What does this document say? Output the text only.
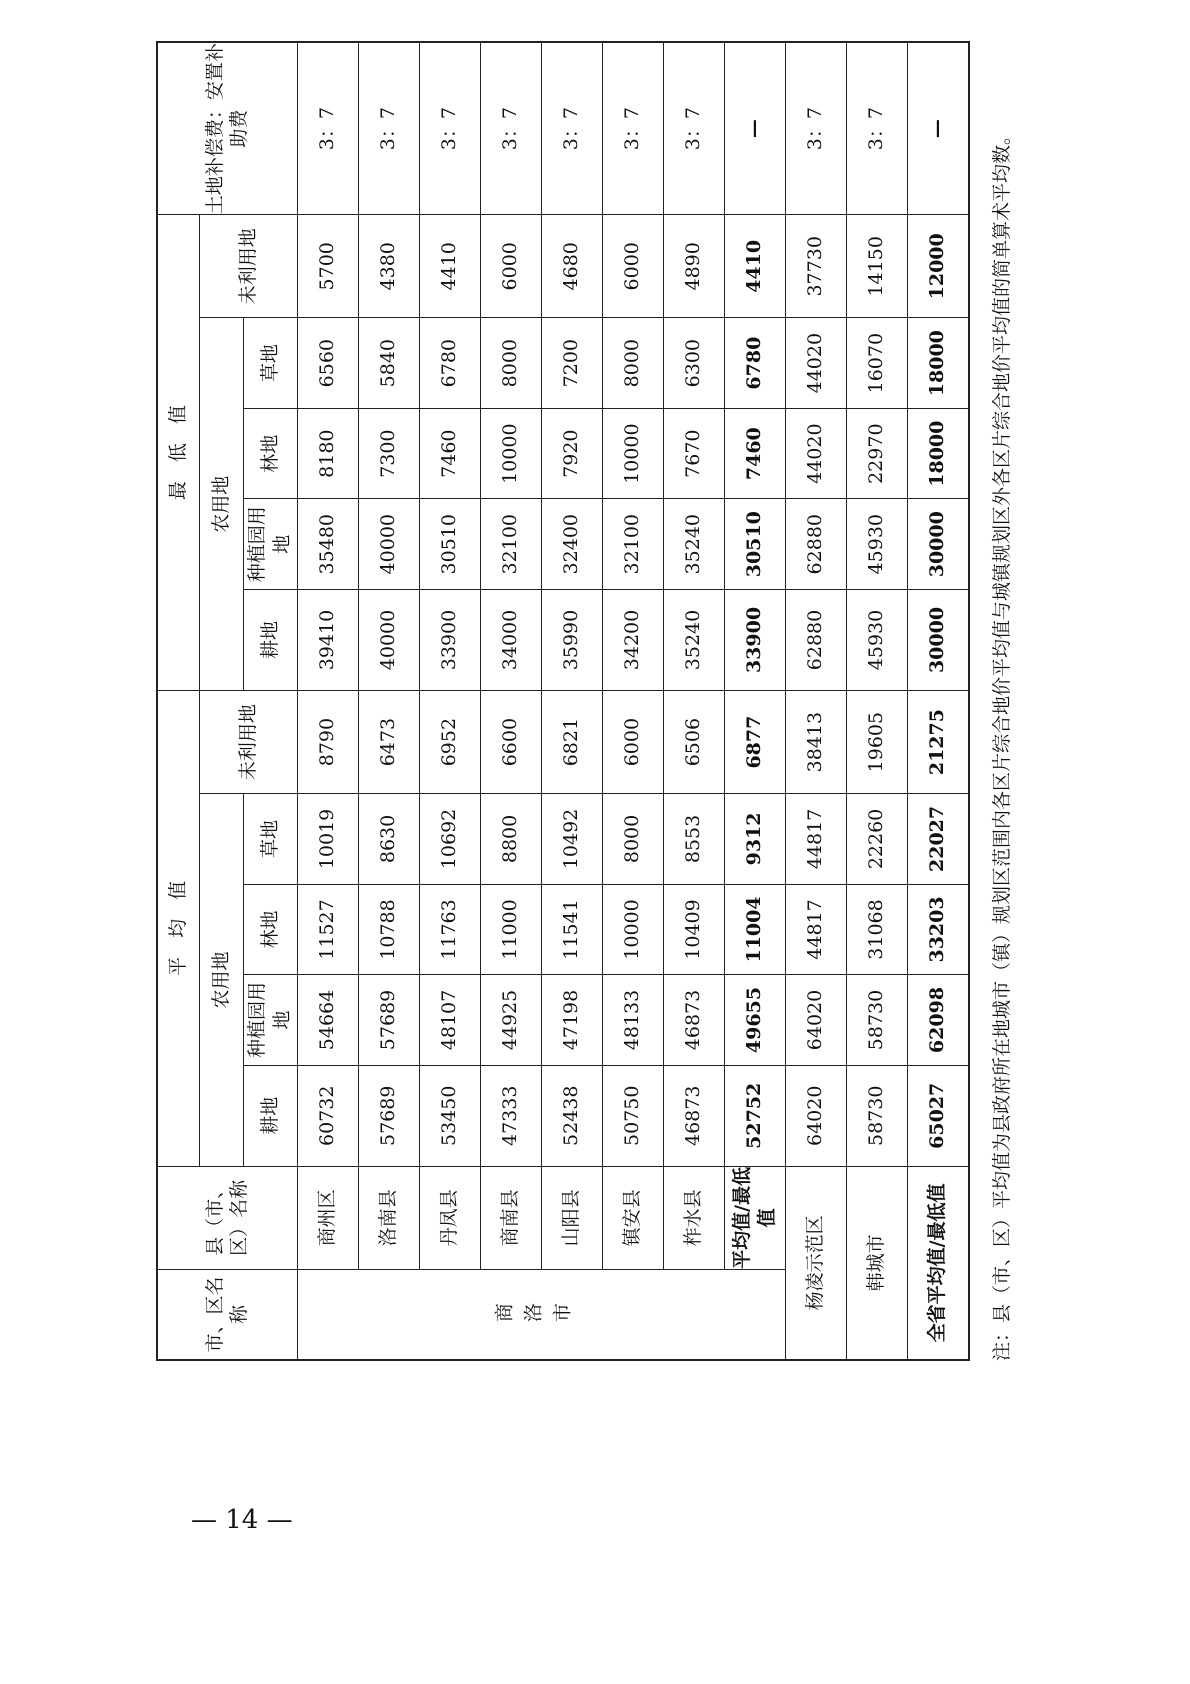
市、区名称	县（市、区）名称	平　均　值					最　低　值					土地补偿费：安置补助费
		农用地				未利用地	农用地				未利用地	
		耕地	种植园用地	林地	草地		耕地	种植园用地	林地	草地		
商洛市	商州区	60732	54664	11527	10019	8790	39410	35480	8180	6560	5700	3：7
	洛南县	57689	57689	10788	8630	6473	40000	40000	7300	5840	4380	3：7
	丹凤县	53450	48107	11763	10692	6952	33900	30510	7460	6780	4410	3：7
	商南县	47333	44925	11000	8800	6600	34000	32100	10000	8000	6000	3：7
	山阳县	52438	47198	11541	10492	6821	35990	32400	7920	7200	4680	3：7
	镇安县	50750	48133	10000	8000	6000	34200	32100	10000	8000	6000	3：7
	柞水县	46873	46873	10409	8553	6506	35240	35240	7670	6300	4890	3：7
	平均值/最低值	52752	49655	11004	9312	6877	33900	30510	7460	6780	4410	—
杨凌示范区		64020	64020	44817	44817	38413	62880	62880	44020	44020	37730	3：7
韩城市		58730	58730	31068	22260	19605	45930	45930	22970	16070	14150	3：7
全省平均值/最低值		65027	62098	33203	22027	21275	30000	30000	18000	18000	12000	— 注：县（市、区）平均值为县政府所在地城市（镇）规划区范围内各区片综合地价平均值与城镇规划区外各区片综合地价平均值的简单算术平均数。
— 14 —
